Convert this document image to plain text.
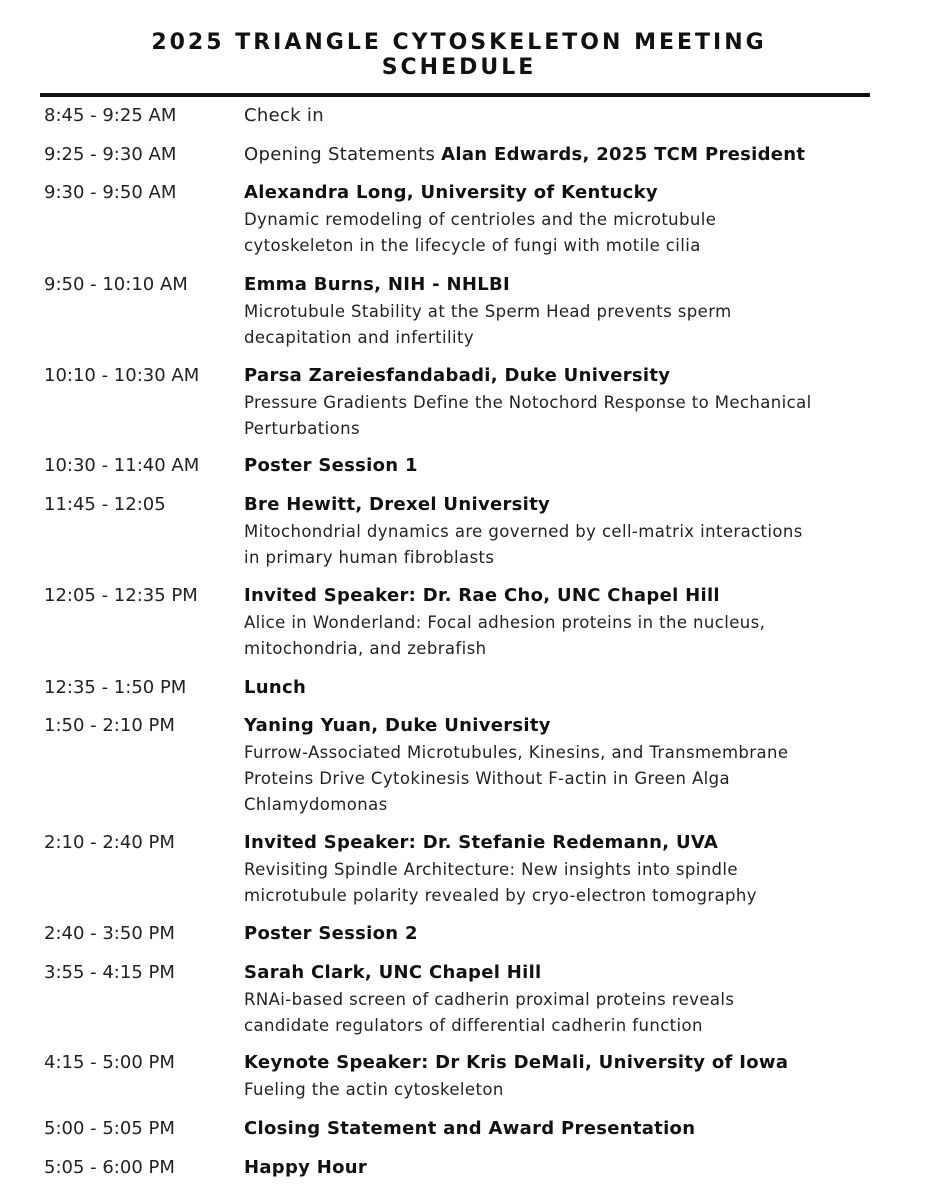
2025 TRIANGLE CYTOSKELETON MEETING
SCHEDULE
8:45 - 9:25 AM	Check in
9:25 - 9:30 AM	Opening Statements Alan Edwards, 2025 TCM President
9:30 - 9:50 AM	Alexandra Long, University of Kentucky
Dynamic remodeling of centrioles and the microtubule
cytoskeleton in the lifecycle of fungi with motile cilia
9:50 - 10:10 AM	Emma Burns, NIH - NHLBI
Microtubule Stability at the Sperm Head prevents sperm
decapitation and infertility
10:10 - 10:30 AM	Parsa Zareiesfandabadi, Duke University
Pressure Gradients Define the Notochord Response to Mechanical
Perturbations
10:30 - 11:40 AM	Poster Session 1
11:45 - 12:05	Bre Hewitt, Drexel University
Mitochondrial dynamics are governed by cell-matrix interactions
in primary human fibroblasts
12:05 - 12:35 PM	Invited Speaker: Dr. Rae Cho, UNC Chapel Hill
Alice in Wonderland: Focal adhesion proteins in the nucleus,
mitochondria, and zebrafish
12:35 - 1:50 PM	Lunch
1:50 - 2:10 PM	Yaning Yuan, Duke University
Furrow-Associated Microtubules, Kinesins, and Transmembrane
Proteins Drive Cytokinesis Without F-actin in Green Alga
Chlamydomonas
2:10 - 2:40 PM	Invited Speaker: Dr. Stefanie Redemann, UVA
Revisiting Spindle Architecture: New insights into spindle
microtubule polarity revealed by cryo-electron tomography
2:40 - 3:50 PM	Poster Session 2
3:55 - 4:15 PM	Sarah Clark, UNC Chapel Hill
RNAi-based screen of cadherin proximal proteins reveals
candidate regulators of differential cadherin function
4:15 - 5:00 PM	Keynote Speaker: Dr Kris DeMali, University of Iowa
Fueling the actin cytoskeleton
5:00 - 5:05 PM	Closing Statement and Award Presentation
5:05 - 6:00 PM	Happy Hour
